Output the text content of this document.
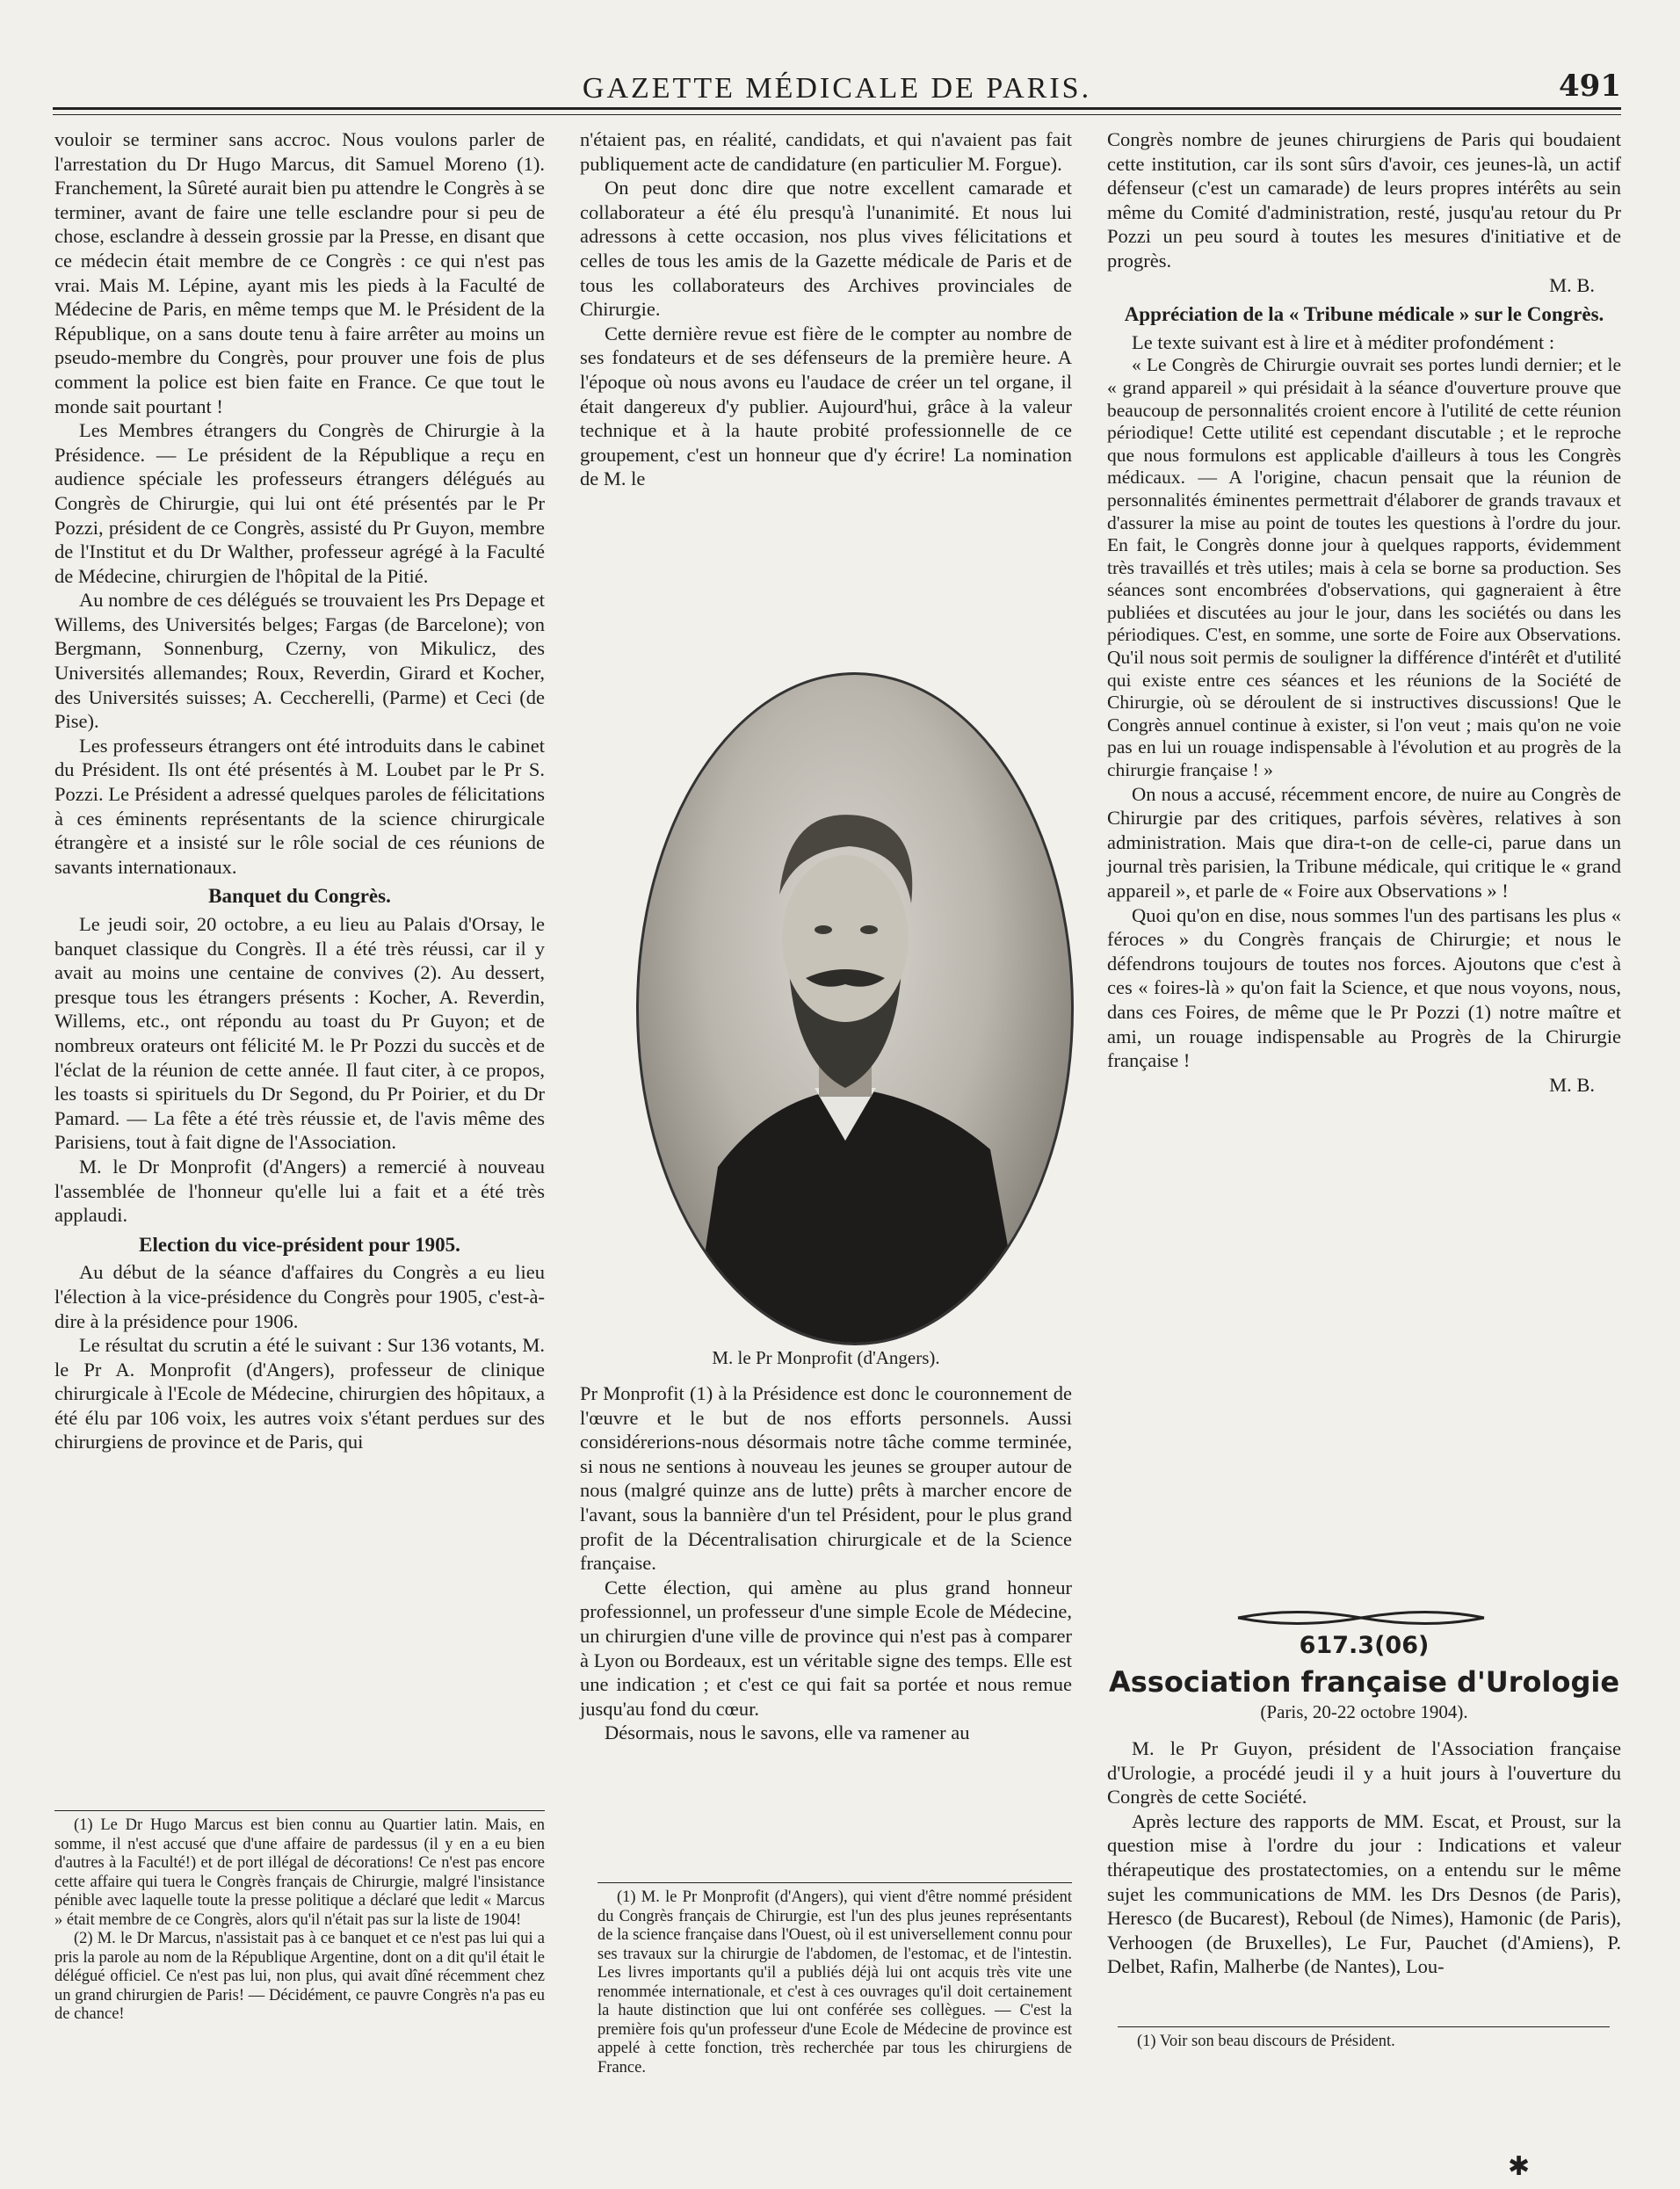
GAZETTE MÉDICALE DE PARIS.	491

vouloir se terminer sans accroc. Nous voulons parler de l'arrestation du Dr Hugo Marcus, dit Samuel Moreno (1). Franchement, la Sûreté aurait bien pu attendre le Congrès à se terminer, avant de faire une telle esclandre pour si peu de chose, esclandre à dessein grossie par la Presse, en disant que ce médecin était membre de ce Congrès : ce qui n'est pas vrai. Mais M. Lépine, ayant mis les pieds à la Faculté de Médecine de Paris, en même temps que M. le Président de la République, on a sans doute tenu à faire arrêter au moins un pseudo-membre du Congrès, pour prouver une fois de plus comment la police est bien faite en France. Ce que tout le monde sait pourtant !

Les Membres étrangers du Congrès de Chirurgie à la Présidence. — Le président de la République a reçu en audience spéciale les professeurs étrangers délégués au Congrès de Chirurgie, qui lui ont été présentés par le Pr Pozzi, président de ce Congrès, assisté du Pr Guyon, membre de l'Institut et du Dr Walther, professeur agrégé à la Faculté de Médecine, chirurgien de l'hôpital de la Pitié.

Au nombre de ces délégués se trouvaient les Prs Depage et Willems, des Universités belges; Fargas (de Barcelone); von Bergmann, Sonnenburg, Czerny, von Mikulicz, des Universités allemandes; Roux, Reverdin, Girard et Kocher, des Universités suisses; A. Ceccherelli, (Parme) et Ceci (de Pise).

Les professeurs étrangers ont été introduits dans le cabinet du Président. Ils ont été présentés à M. Loubet par le Pr S. Pozzi. Le Président a adressé quelques paroles de félicitations à ces éminents représentants de la science chirurgicale étrangère et a insisté sur le rôle social de ces réunions de savants internationaux.

Banquet du Congrès.

Le jeudi soir, 20 octobre, a eu lieu au Palais d'Orsay, le banquet classique du Congrès. Il a été très réussi, car il y avait au moins une centaine de convives (2). Au dessert, presque tous les étrangers présents : Kocher, A. Reverdin, Willems, etc., ont répondu au toast du Pr Guyon; et de nombreux orateurs ont félicité M. le Pr Pozzi du succès et de l'éclat de la réunion de cette année. Il faut citer, à ce propos, les toasts si spirituels du Dr Segond, du Pr Poirier, et du Dr Pamard. — La fête a été très réussie et, de l'avis même des Parisiens, tout à fait digne de l'Association.

M. le Dr Monprofit (d'Angers) a remercié à nouveau l'assemblée de l'honneur qu'elle lui a fait et a été très applaudi.

Election du vice-président pour 1905.

Au début de la séance d'affaires du Congrès a eu lieu l'élection à la vice-présidence du Congrès pour 1905, c'est-à-dire à la présidence pour 1906.

Le résultat du scrutin a été le suivant : Sur 136 votants, M. le Pr A. Monprofit (d'Angers), professeur de clinique chirurgicale à l'Ecole de Médecine, chirurgien des hôpitaux, a été élu par 106 voix, les autres voix s'étant perdues sur des chirurgiens de province et de Paris, qui

(1) Le Dr Hugo Marcus est bien connu au Quartier latin. Mais, en somme, il n'est accusé que d'une affaire de pardessus (il y en a eu bien d'autres à la Faculté!) et de port illégal de décorations! Ce n'est pas encore cette affaire qui tuera le Congrès français de Chirurgie, malgré l'insistance pénible avec laquelle toute la presse politique a déclaré que ledit « Marcus » était membre de ce Congrès, alors qu'il n'était pas sur la liste de 1904!

(2) M. le Dr Marcus, n'assistait pas à ce banquet et ce n'est pas lui qui a pris la parole au nom de la République Argentine, dont on a dit qu'il était le délégué officiel. Ce n'est pas lui, non plus, qui avait dîné récemment chez un grand chirurgien de Paris! — Décidément, ce pauvre Congrès n'a pas eu de chance!

n'étaient pas, en réalité, candidats, et qui n'avaient pas fait publiquement acte de candidature (en particulier M. Forgue).

On peut donc dire que notre excellent camarade et collaborateur a été élu presqu'à l'unanimité. Et nous lui adressons à cette occasion, nos plus vives félicitations et celles de tous les amis de la Gazette médicale de Paris et de tous les collaborateurs des Archives provinciales de Chirurgie.

Cette dernière revue est fière de le compter au nombre de ses fondateurs et de ses défenseurs de la première heure. A l'époque où nous avons eu l'audace de créer un tel organe, il était dangereux d'y publier. Aujourd'hui, grâce à la valeur technique et à la haute probité professionnelle de ce groupement, c'est un honneur que d'y écrire! La nomination de M. le

M. le Pr Monprofit (d'Angers).

Pr Monprofit (1) à la Présidence est donc le couronnement de l'œuvre et le but de nos efforts personnels. Aussi considérerions-nous désormais notre tâche comme terminée, si nous ne sentions à nouveau les jeunes se grouper autour de nous (malgré quinze ans de lutte) prêts à marcher encore de l'avant, sous la bannière d'un tel Président, pour le plus grand profit de la Décentralisation chirurgicale et de la Science française.

Cette élection, qui amène au plus grand honneur professionnel, un professeur d'une simple Ecole de Médecine, un chirurgien d'une ville de province qui n'est pas à comparer à Lyon ou Bordeaux, est un véritable signe des temps. Elle est une indication ; et c'est ce qui fait sa portée et nous remue jusqu'au fond du cœur.

Désormais, nous le savons, elle va ramener au

(1) M. le Pr Monprofit (d'Angers), qui vient d'être nommé président du Congrès français de Chirurgie, est l'un des plus jeunes représentants de la science française dans l'Ouest, où il est universellement connu pour ses travaux sur la chirurgie de l'abdomen, de l'estomac, et de l'intestin. Les livres importants qu'il a publiés déjà lui ont acquis très vite une renommée internationale, et c'est à ces ouvrages qu'il doit certainement la haute distinction que lui ont conférée ses collègues. — C'est la première fois qu'un professeur d'une Ecole de Médecine de province est appelé à cette fonction, très recherchée par tous les chirurgiens de France.

Congrès nombre de jeunes chirurgiens de Paris qui boudaient cette institution, car ils sont sûrs d'avoir, ces jeunes-là, un actif défenseur (c'est un camarade) de leurs propres intérêts au sein même du Comité d'administration, resté, jusqu'au retour du Pr Pozzi un peu sourd à toutes les mesures d'initiative et de progrès.

M. B.
Appréciation de la « Tribune médicale » sur le Congrès.

Le texte suivant est à lire et à méditer profondément :

« Le Congrès de Chirurgie ouvrait ses portes lundi dernier; et le « grand appareil » qui présidait à la séance d'ouverture prouve que beaucoup de personnalités croient encore à l'utilité de cette réunion périodique! Cette utilité est cependant discutable ; et le reproche que nous formulons est applicable d'ailleurs à tous les Congrès médicaux. — A l'origine, chacun pensait que la réunion de personnalités éminentes permettrait d'élaborer de grands travaux et d'assurer la mise au point de toutes les questions à l'ordre du jour. En fait, le Congrès donne jour à quelques rapports, évidemment très travaillés et très utiles; mais à cela se borne sa production. Ses séances sont encombrées d'observations, qui gagneraient à être publiées et discutées au jour le jour, dans les sociétés ou dans les périodiques. C'est, en somme, une sorte de Foire aux Observations. Qu'il nous soit permis de souligner la différence d'intérêt et d'utilité qui existe entre ces séances et les réunions de la Société de Chirurgie, où se déroulent de si instructives discussions! Que le Congrès annuel continue à exister, si l'on veut ; mais qu'on ne voie pas en lui un rouage indispensable à l'évolution et au progrès de la chirurgie française ! »

On nous a accusé, récemment encore, de nuire au Congrès de Chirurgie par des critiques, parfois sévères, relatives à son administration. Mais que dira-t-on de celle-ci, parue dans un journal très parisien, la Tribune médicale, qui critique le « grand appareil », et parle de « Foire aux Observations » !

Quoi qu'on en dise, nous sommes l'un des partisans les plus « féroces » du Congrès français de Chirurgie; et nous le défendrons toujours de toutes nos forces. Ajoutons que c'est à ces « foires-là » qu'on fait la Science, et que nous voyons, nous, dans ces Foires, de même que le Pr Pozzi (1) notre maître et ami, un rouage indispensable au Progrès de la Chirurgie française !

M. B.
617.3(06)
Association française d'Urologie
(Paris, 20-22 octobre 1904).

M. le Pr Guyon, président de l'Association française d'Urologie, a procédé jeudi il y a huit jours à l'ouverture du Congrès de cette Société.

Après lecture des rapports de MM. Escat, et Proust, sur la question mise à l'ordre du jour : Indications et valeur thérapeutique des prostatectomies, on a entendu sur le même sujet les communications de MM. les Drs Desnos (de Paris), Heresco (de Bucarest), Reboul (de Nimes), Hamonic (de Paris), Verhoogen (de Bruxelles), Le Fur, Pauchet (d'Amiens), P. Delbet, Rafin, Malherbe (de Nantes), Lou-

(1) Voir son beau discours de Président.

✱
